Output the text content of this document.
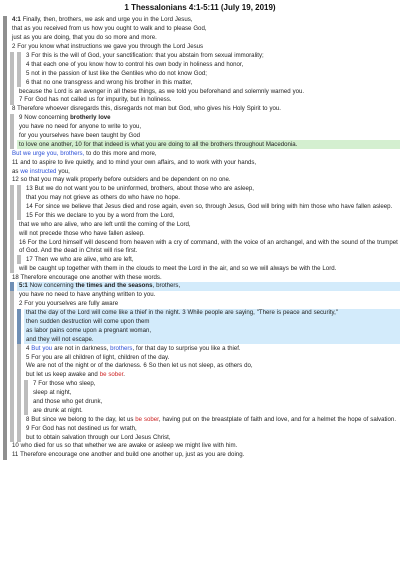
1 Thessalonians 4:1-5:11 (July 19, 2019)
4:1 Finally, then, brothers, we ask and urge you in the Lord Jesus,
that as you received from us how you ought to walk and to please God,
just as you are doing, that you do so more and more.
2 For you know what instructions we gave you through the Lord Jesus
3 For this is the will of God, your sanctification: that you abstain from sexual immorality;
4 that each one of you know how to control his own body in holiness and honor,
5 not in the passion of lust like the Gentiles who do not know God;
6 that no one transgress and wrong his brother in this matter,
because the Lord is an avenger in all these things, as we told you beforehand and solemnly warned you.
7 For God has not called us for impurity, but in holiness.
8 Therefore whoever disregards this, disregards not man but God, who gives his Holy Spirit to you.
9 Now concerning brotherly love
you have no need for anyone to write to you,
for you yourselves have been taught by God
to love one another, 10 for that indeed is what you are doing to all the brothers throughout Macedonia.
But we urge you, brothers, to do this more and more,
11 and to aspire to live quietly, and to mind your own affairs, and to work with your hands,
as we instructed you,
12 so that you may walk properly before outsiders and be dependent on no one.
13 But we do not want you to be uninformed, brothers, about those who are asleep,
that you may not grieve as others do who have no hope.
14 For since we believe that Jesus died and rose again, even so, through Jesus, God will bring with him those who have fallen asleep.
15 For this we declare to you by a word from the Lord,
that we who are alive, who are left until the coming of the Lord,
will not precede those who have fallen asleep.
16 For the Lord himself will descend from heaven with a cry of command, with the voice of an archangel, and with the sound of the trumpet of God. And the dead in Christ will rise first.
17 Then we who are alive, who are left,
will be caught up together with them in the clouds to meet the Lord in the air, and so we will always be with the Lord.
18 Therefore encourage one another with these words.
5:1 Now concerning the times and the seasons, brothers,
you have no need to have anything written to you.
2 For you yourselves are fully aware
that the day of the Lord will come like a thief in the night. 3 While people are saying, "There is peace and security,"
then sudden destruction will come upon them
as labor pains come upon a pregnant woman,
and they will not escape.
4 But you are not in darkness, brothers, for that day to surprise you like a thief.
5 For you are all children of light, children of the day.
We are not of the night or of the darkness. 6 So then let us not sleep, as others do,
but let us keep awake and be sober.
7 For those who sleep,
sleep at night,
and those who get drunk,
are drunk at night.
8 But since we belong to the day, let us be sober, having put on the breastplate of faith and love, and for a helmet the hope of salvation.
9 For God has not destined us for wrath,
but to obtain salvation through our Lord Jesus Christ,
10 who died for us so that whether we are awake or asleep we might live with him.
11 Therefore encourage one another and build one another up, just as you are doing.
